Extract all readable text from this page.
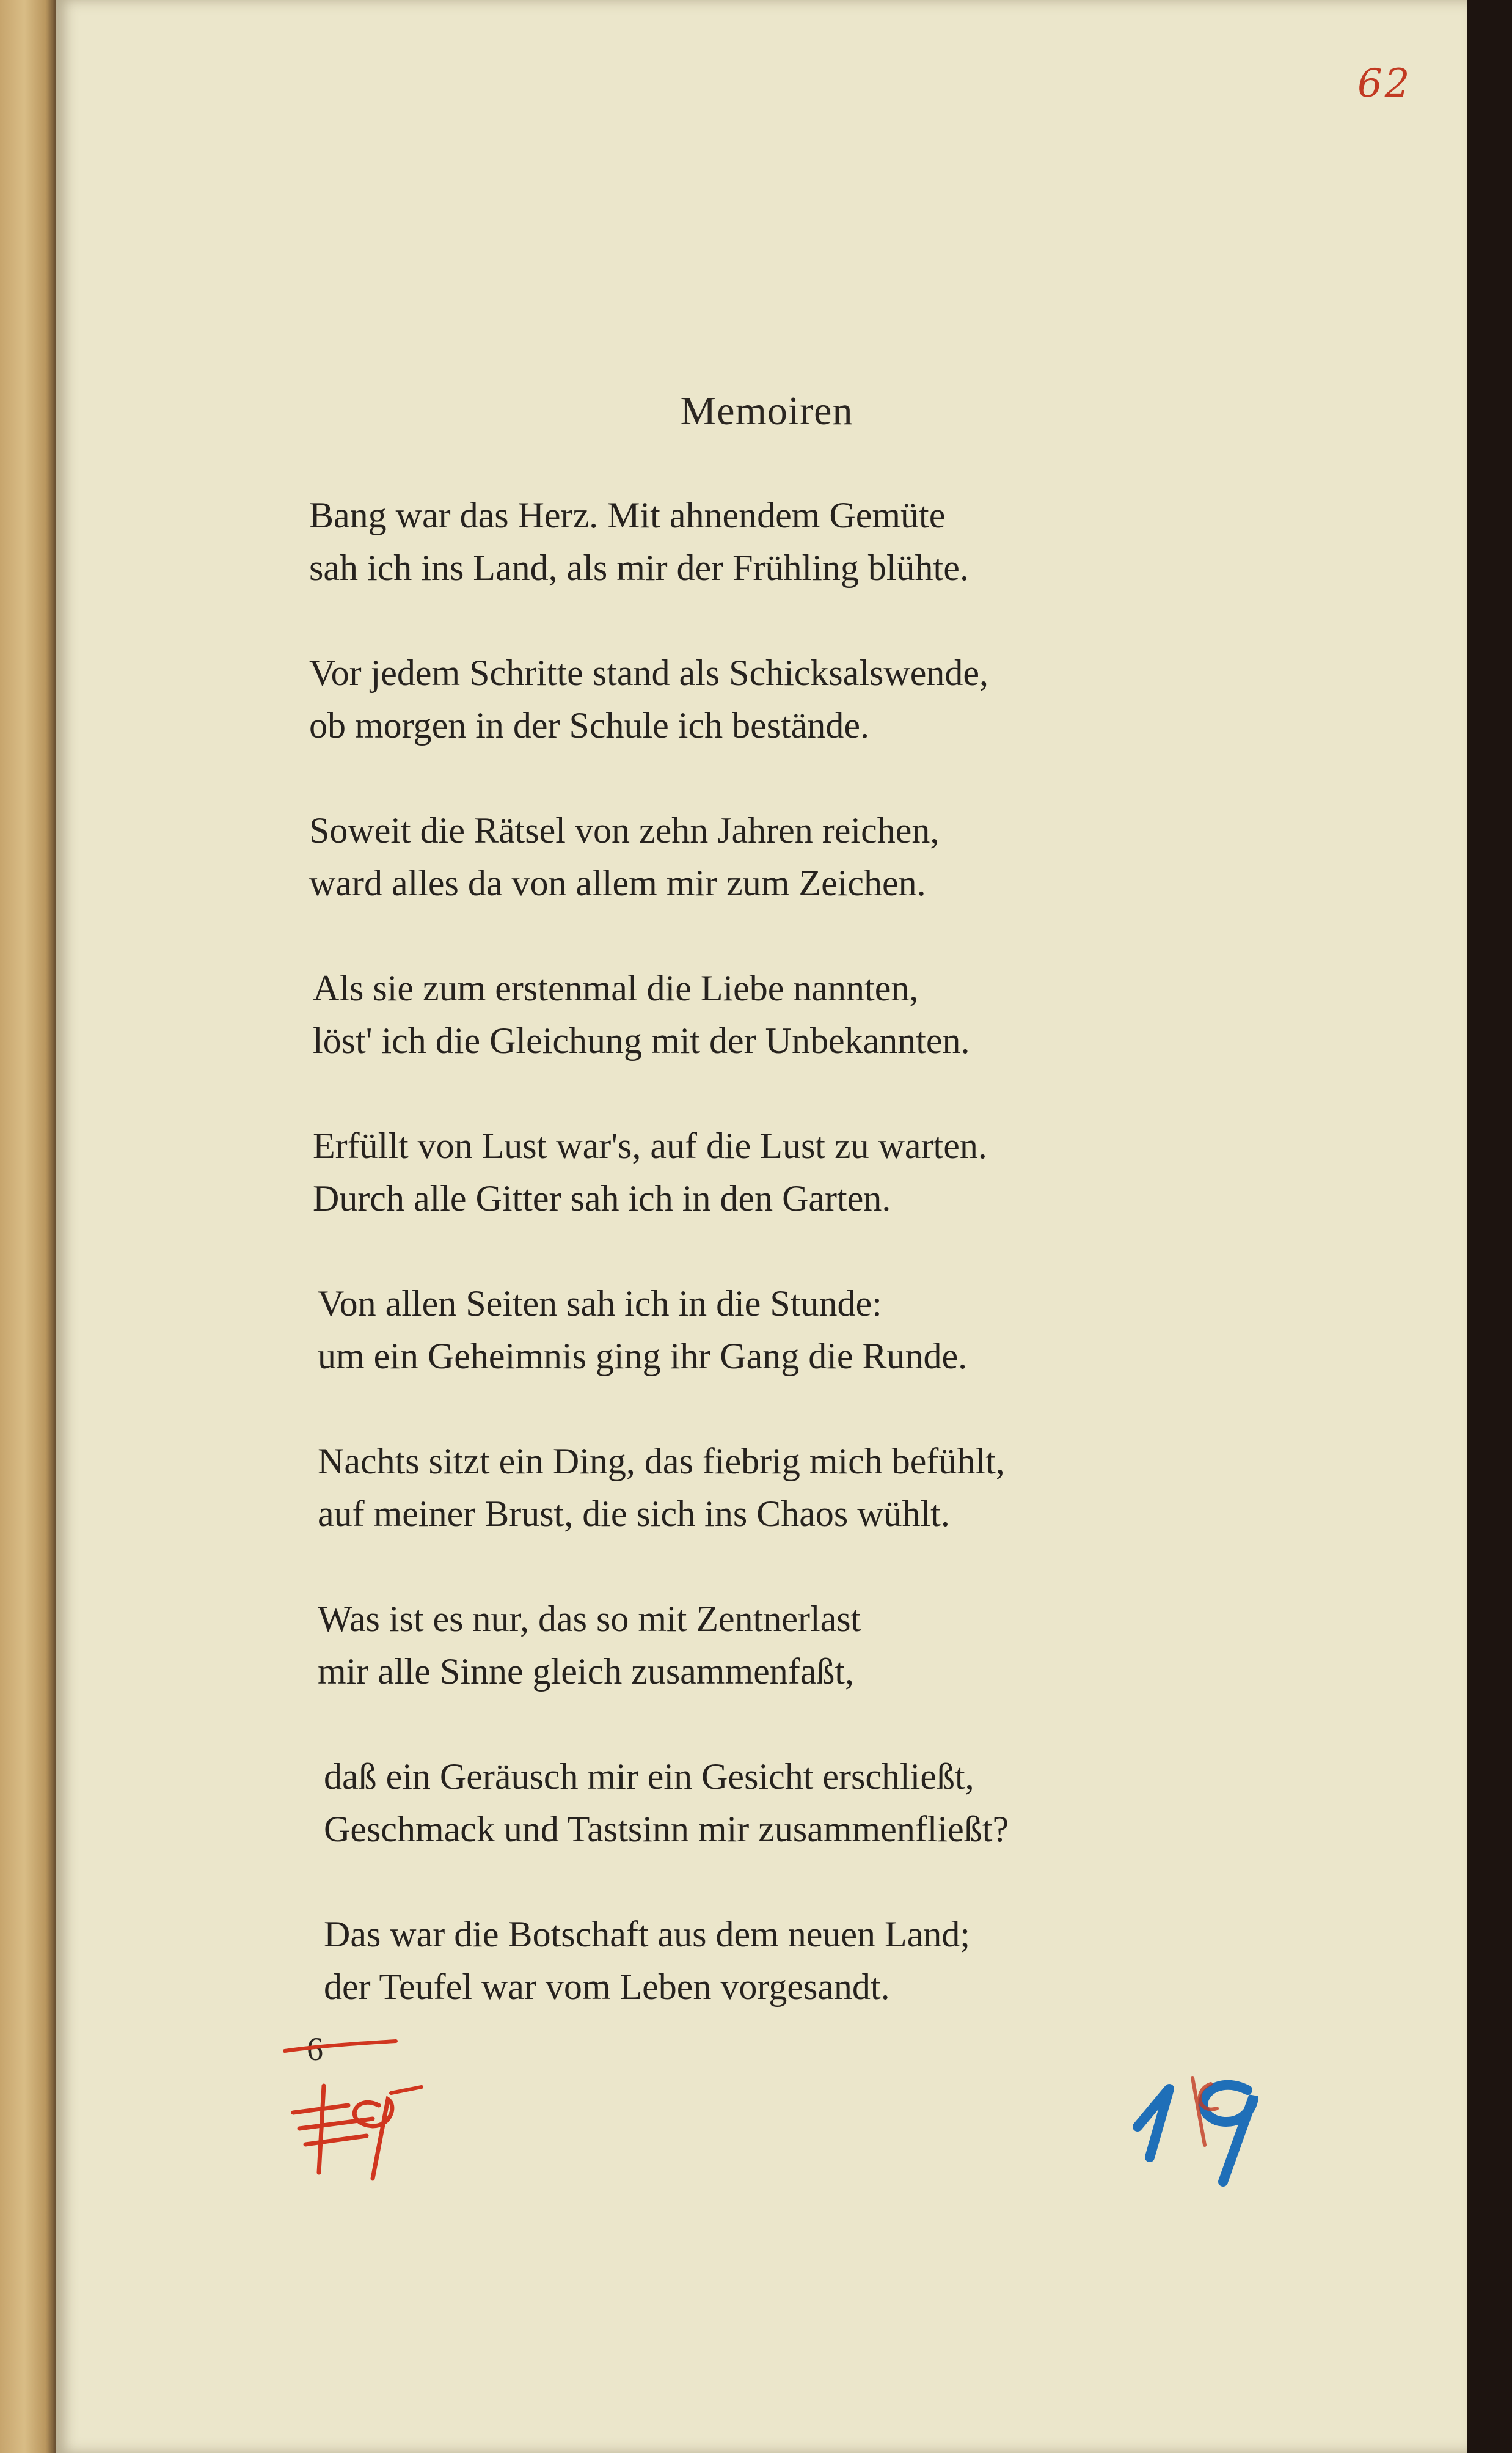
62
Memoiren
Bang war das Herz. Mit ahnendem Gemüte
sah ich ins Land, als mir der Frühling blühte.
Vor jedem Schritte stand als Schicksalswende,
ob morgen in der Schule ich bestände.
Soweit die Rätsel von zehn Jahren reichen,
ward alles da von allem mir zum Zeichen.
Als sie zum erstenmal die Liebe nannten,
löst' ich die Gleichung mit der Unbekannten.
Erfüllt von Lust war's, auf die Lust zu warten.
Durch alle Gitter sah ich in den Garten.
Von allen Seiten sah ich in die Stunde:
um ein Geheimnis ging ihr Gang die Runde.
Nachts sitzt ein Ding, das fiebrig mich befühlt,
auf meiner Brust, die sich ins Chaos wühlt.
Was ist es nur, das so mit Zentnerlast
mir alle Sinne gleich zusammenfaßt,
daß ein Geräusch mir ein Gesicht erschließt,
Geschmack und Tastsinn mir zusammenfließt?
Das war die Botschaft aus dem neuen Land;
der Teufel war vom Leben vorgesandt.
6
